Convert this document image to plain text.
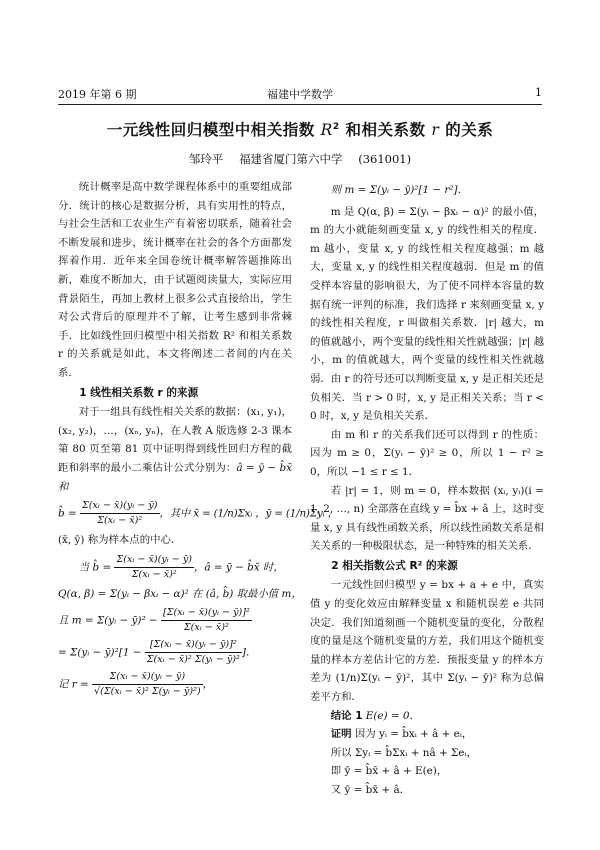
2019 年第 6 期	福建中学数学	1
一元线性回归模型中相关指数 $R^2$ 和相关系数 r 的关系
邹玲平 福建省厦门第六中学 (361001)

统计概率是高中数学课程体系中的重要组成部分．统计的核心是数据分析，具有实用性的特点，与社会生活和工农业生产有着密切联系，随着社会不断发展和进步，统计概率在社会的各个方面都发挥着作用．近年来全国卷统计概率解答题推陈出新，难度不断加大，由于试题阅读量大，实际应用背景陌生，再加上教材上很多公式直接给出，学生对公式背后的原理并不了解，让考生感到非常棘手．比如线性回归模型中相关指数 R² 和相关系数 r 的关系就是如此，本文将阐述二者间的内在关系．

1 线性相关系数 r 的来源

对于一组具有线性相关关系的数据：(x₁, y₁)，(x₂, y₂)，…，(xₙ, yₙ)，在人教 A 版选修 2-3 课本第 80 页至第 81 页中证明得到线性回归方程的截距和斜率的最小二乘估计公式分别为：â = ȳ − b̂x̄ 和

b̂ = $\frac{\text{Σ(xᵢ − x̄)(yᵢ − ȳ)}}{\text{Σ(xᵢ − x̄)²}}$ ，其中 x̄ = (1/n)Σxᵢ ，ȳ = (1/n)Σyᵢ ，

(x̄, ȳ) 称为样本点的中心．

当 b̂ = $\frac{\text{Σ(xᵢ − x̄)(yᵢ − ȳ)}}{\text{Σ(xᵢ − x̄)²}}$ ，â = ȳ − b̂x̄ 时，
Q(α, β) = Σ(yᵢ − βxᵢ − α)² 在 (â, b̂) 取最小值 m，
且 m = Σ(yᵢ − ȳ)² − $\frac{\text{[Σ(xᵢ − x̄)(yᵢ − ȳ)]²}}{\text{Σ(xᵢ − x̄)²}}$
= Σ(yᵢ − ȳ)²[1 − $\frac{\text{[Σ(xᵢ − x̄)(yᵢ − ȳ)]²}}{\text{Σ(xᵢ − x̄)² Σ(yᵢ − ȳ)²}}$ ]．
记 $r = \frac{\text{Σ(xᵢ − x̄)(yᵢ − ȳ)}}{\text{√(Σ(xᵢ − x̄)² Σ(yᵢ − ȳ)²)}}$ ，
则 m = Σ(yᵢ − ȳ)²[1 − r²]．

m 是 Q(α, β) = Σ(yᵢ − βxᵢ − α)² 的最小值，m 的大小就能刻画变量 x, y 的线性相关的程度．m 越小，变量 x, y 的线性相关程度越强；m 越大，变量 x, y 的线性相关程度越弱．但是 m 的值受样本容量的影响很大，为了使不同样本容量的数据有统一评判的标准，我们选择 r 来刻画变量 x, y 的线性相关程度，r 叫做相关系数．|r| 越大，m 的值就越小，两个变量的线性相关性就越强；|r| 越小，m 的值就越大，两个变量的线性相关性就越弱．由 r 的符号还可以判断变量 x, y 是正相关还是负相关．当 r > 0 时，x, y 是正相关关系；当 r < 0 时，x, y 是负相关关系．

由 m 和 r 的关系我们还可以得到 r 的性质：因为 m ≥ 0，Σ(yᵢ − ȳ)² ≥ 0，所以 1 − r² ≥ 0，所以 −1 ≤ r ≤ 1．

若 |r| = 1，则 m = 0，样本数据 (xᵢ, yᵢ)(i = 1, 2, …, n) 全部落在直线 y = b̂x + â 上，这时变量 x, y 具有线性函数关系，所以线性函数关系是相关关系的一种极限状态，是一种特殊的相关关系．

2 相关指数公式 R² 的来源

一元线性回归模型 y = bx + a + e 中，真实值 y 的变化效应由解释变量 x 和随机误差 e 共同决定．我们知道刻画一个随机变量的变化，分散程度的量是这个随机变量的方差，我们用这个随机变量的样本方差估计它的方差．预报变量 y 的样本方差为 (1/n)Σ(yᵢ − ȳ)²，其中 Σ(yᵢ − ȳ)² 称为总偏差平方和．

结论 1 E(e) = 0．

证明 因为 yᵢ = b̂xᵢ + â + eᵢ，

所以 Σyᵢ = b̂Σxᵢ + nâ + Σeᵢ，

即 ȳ = b̂x̄ + â + E(e)，

又 ȳ = b̂x̄ + â．
